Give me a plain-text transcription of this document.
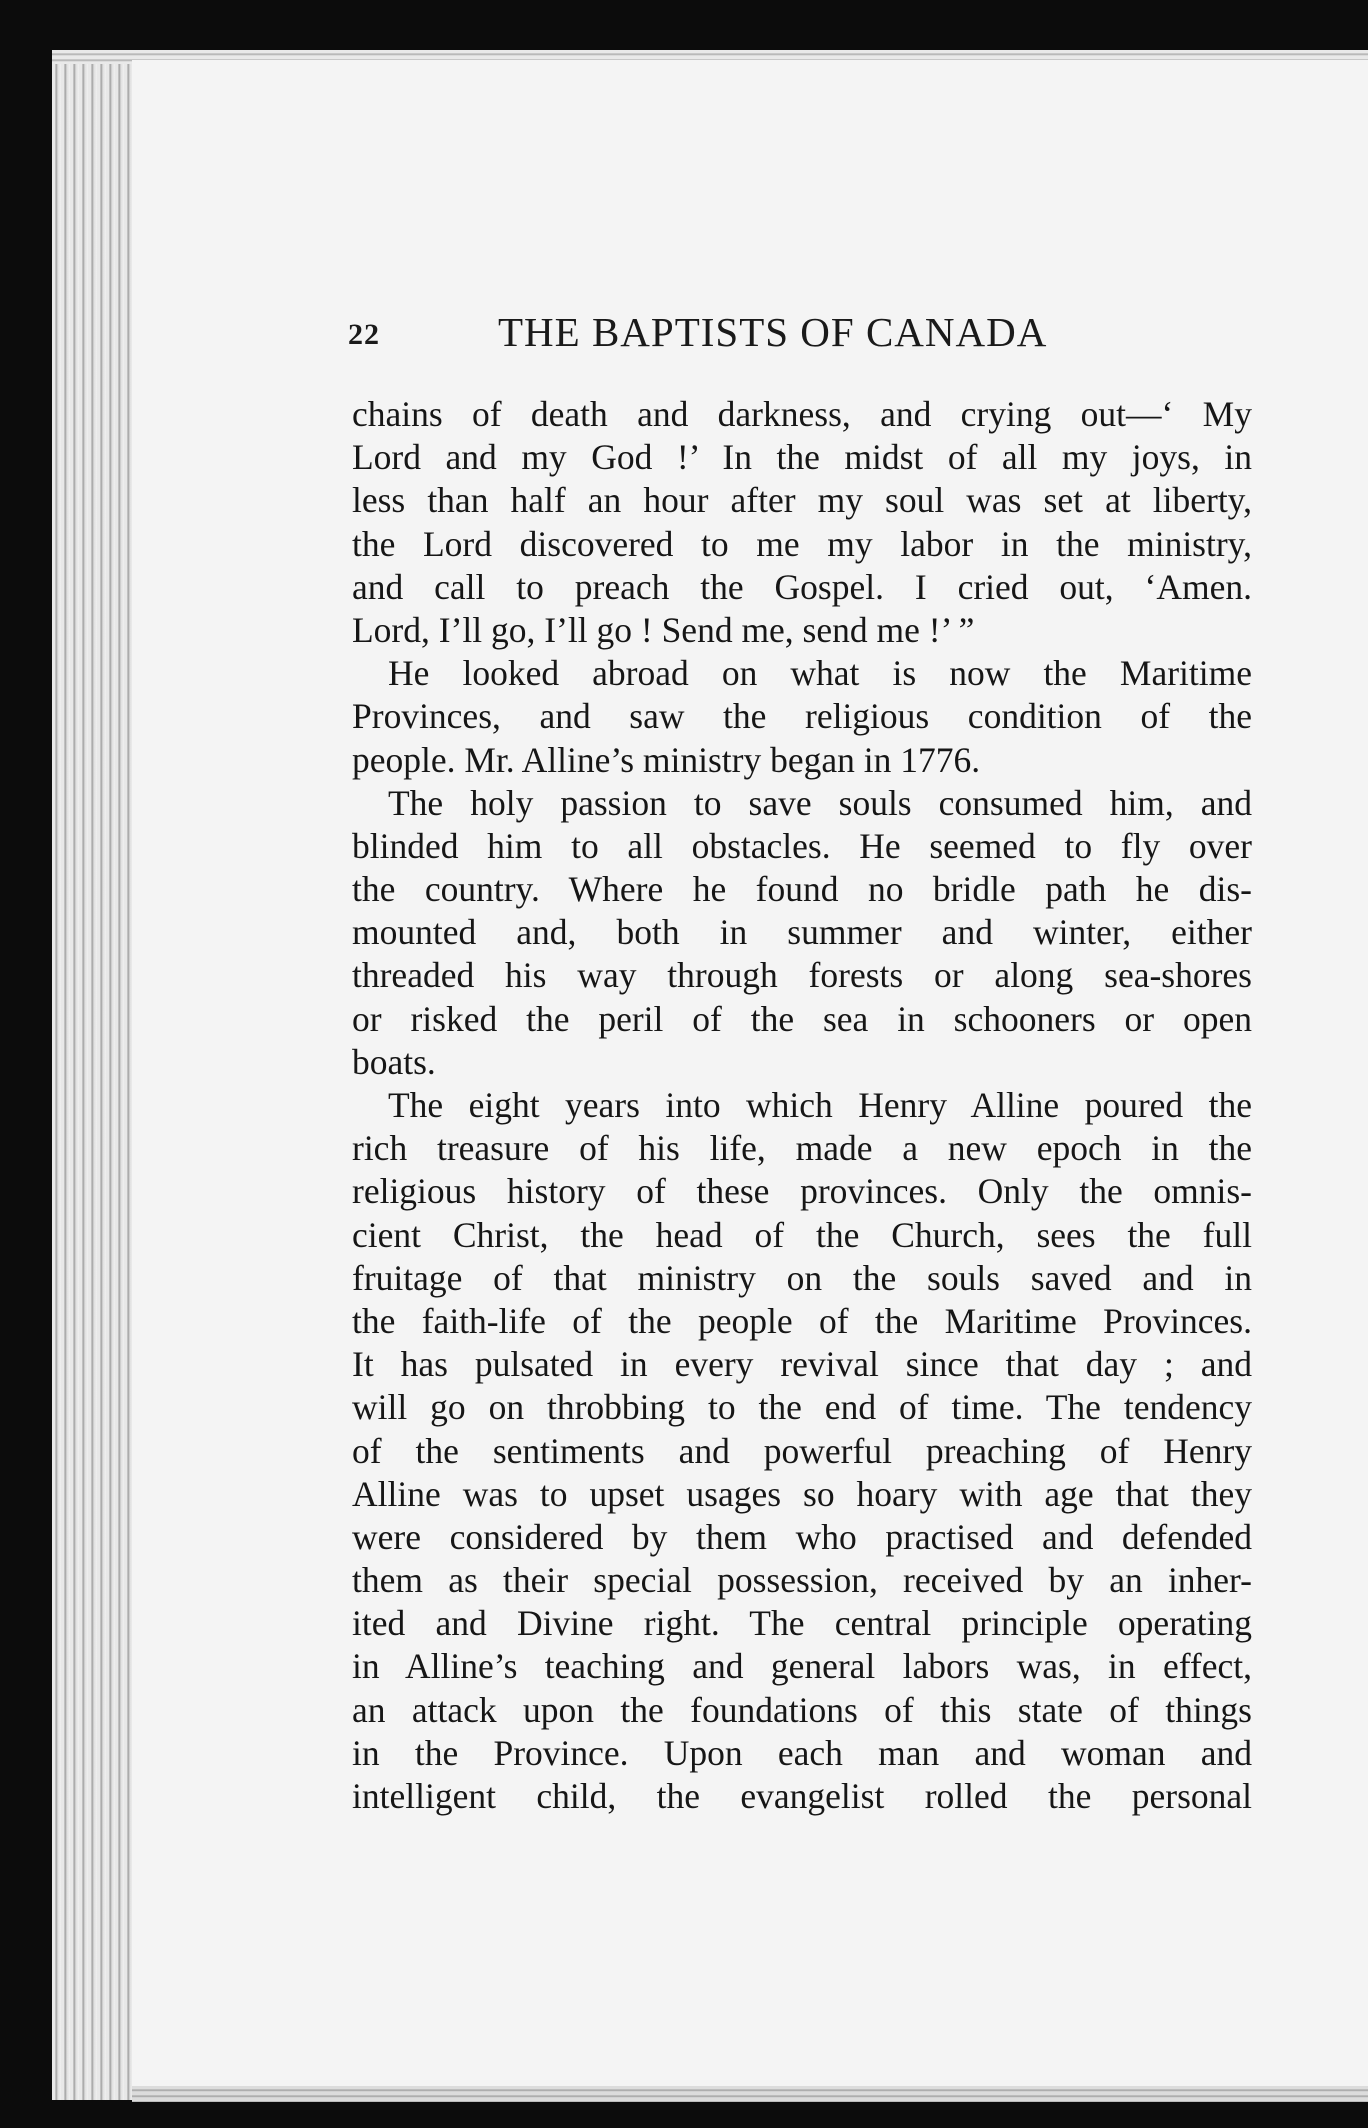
22	THE BAPTISTS OF CANADA
chains of death and darkness, and crying out—‘ My
Lord and my God !’ In the midst of all my joys, in
less than half an hour after my soul was set at liberty,
the Lord discovered to me my labor in the ministry,
and call to preach the Gospel. I cried out, ‘Amen.
Lord, I’ll go, I’ll go ! Send me, send me !’ ”
He looked abroad on what is now the Maritime
Provinces, and saw the religious condition of the
people. Mr. Alline’s ministry began in 1776.
The holy passion to save souls consumed him, and
blinded him to all obstacles. He seemed to fly over
the country. Where he found no bridle path he dis-
mounted and, both in summer and winter, either
threaded his way through forests or along sea-shores
or risked the peril of the sea in schooners or open
boats.
The eight years into which Henry Alline poured the
rich treasure of his life, made a new epoch in the
religious history of these provinces. Only the omnis-
cient Christ, the head of the Church, sees the full
fruitage of that ministry on the souls saved and in
the faith-life of the people of the Maritime Provinces.
It has pulsated in every revival since that day ; and
will go on throbbing to the end of time. The tendency
of the sentiments and powerful preaching of Henry
Alline was to upset usages so hoary with age that they
were considered by them who practised and defended
them as their special possession, received by an inher-
ited and Divine right. The central principle operating
in Alline’s teaching and general labors was, in effect,
an attack upon the foundations of this state of things
in the Province. Upon each man and woman and
intelligent child, the evangelist rolled the personal
